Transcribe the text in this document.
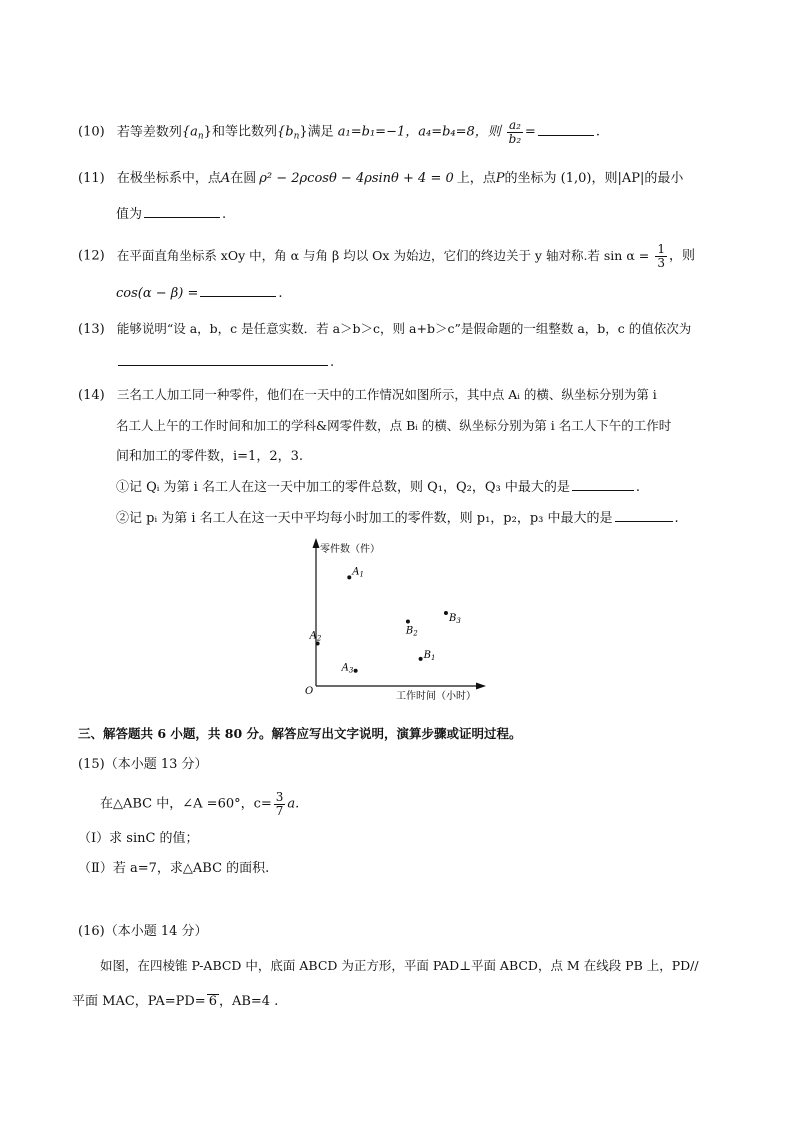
(10) 若等差数列$\{a_n\}$和等比数列$\{b_n\}$满足 a₁=b₁=−1，a₄=b₄=8，则 $\frac{\text{a₂}}{\text{b₂}}$ =	.
(11) 在极坐标系中，点A在圆 ρ² − 2ρcosθ − 4ρsinθ + 4 = 0 上，点P的坐标为 (1,0)，则|AP|的最小
值为	.
(12) 在平面直角坐标系 xOy 中，角 α 与角 β 均以 Ox 为始边，它们的终边关于 y 轴对称.若 $\sin \alpha = \frac{1}{3}$ ，则
cos(α − β) =	.
(13) 能够说明“设 a，b，c 是任意实数．若 a＞b＞c，则 a+b＞c”是假命题的一组整数 a，b，c 的值依次为
.
(14) 三名工人加工同一种零件，他们在一天中的工作情况如图所示，其中点 Aᵢ 的横、纵坐标分别为第 i
名工人上午的工作时间和加工的学科&网零件数，点 Bᵢ 的横、纵坐标分别为第 i 名工人下午的工作时
间和加工的零件数，i=1，2，3.
①记 Qᵢ 为第 i 名工人在这一天中加工的零件总数，则 Q₁，Q₂，Q₃ 中最大的是	.
②记 pᵢ 为第 i 名工人在这一天中平均每小时加工的零件数，则 p₁，p₂，p₃ 中最大的是	.
零件数（件）
工作时间（小时）
O
$A_1$
$A_2$
$A_3$
$B_1$
$B_2$
$B_3$
三、解答题共 6 小题，共 80 分。解答应写出文字说明，演算步骤或证明过程。
(15)（本小题 13 分）
在△ABC 中，∠A =60°，$c= \frac{3}{7} a$.
（Ⅰ）求 sinC 的值；
（Ⅱ）若 a=7，求△ABC 的面积.
(16)（本小题 14 分）
如图，在四棱锥 P-ABCD 中，底面 ABCD 为正方形，平面 PAD⊥平面 ABCD，点 M 在线段 PB 上，PD//
平面 MAC，PA=PD= 6 ，AB=4 .
